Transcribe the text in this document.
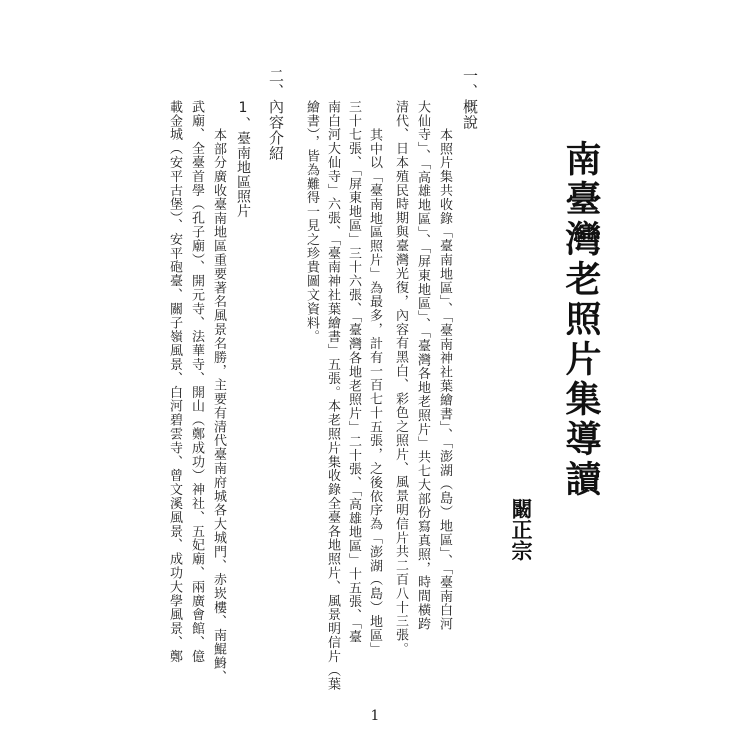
南臺灣老照片集導讀
闞正宗
一、概說
本照片集共收錄「臺南地區」、「臺南神社葉繪書」、「澎湖（島）地區」、「臺南白河
大仙寺」、「高雄地區」、「屏東地區」、「臺灣各地老照片」共七大部份寫真照，時間橫跨
清代、日本殖民時期與臺灣光復，內容有黑白、彩色之照片、風景明信片共二百八十三張。
其中以「臺南地區照片」為最多，計有一百七十五張，之後依序為「澎湖（島）地區」
三十七張、「屏東地區」三十六張、「臺灣各地老照片」二十張、「高雄地區」十五張、「臺
南白河大仙寺」六張、「臺南神社葉繪書」五張。本老照片集收錄全臺各地照片、風景明信片（葉
繪書），皆為難得一見之珍貴圖文資料。
二、內容介紹
1、臺南地區照片
本部分廣收臺南地區重要著名風景名勝，主要有清代臺南府城各大城門、赤崁樓、南鯤鯓、
武廟、全臺首學（孔子廟）、開元寺、法華寺、開山（鄭成功）神社、五妃廟、兩廣會館、億
載金城（安平古堡）、安平砲臺、關子嶺風景、白河碧雲寺、曾文溪風景、成功大學風景、鄭
1
